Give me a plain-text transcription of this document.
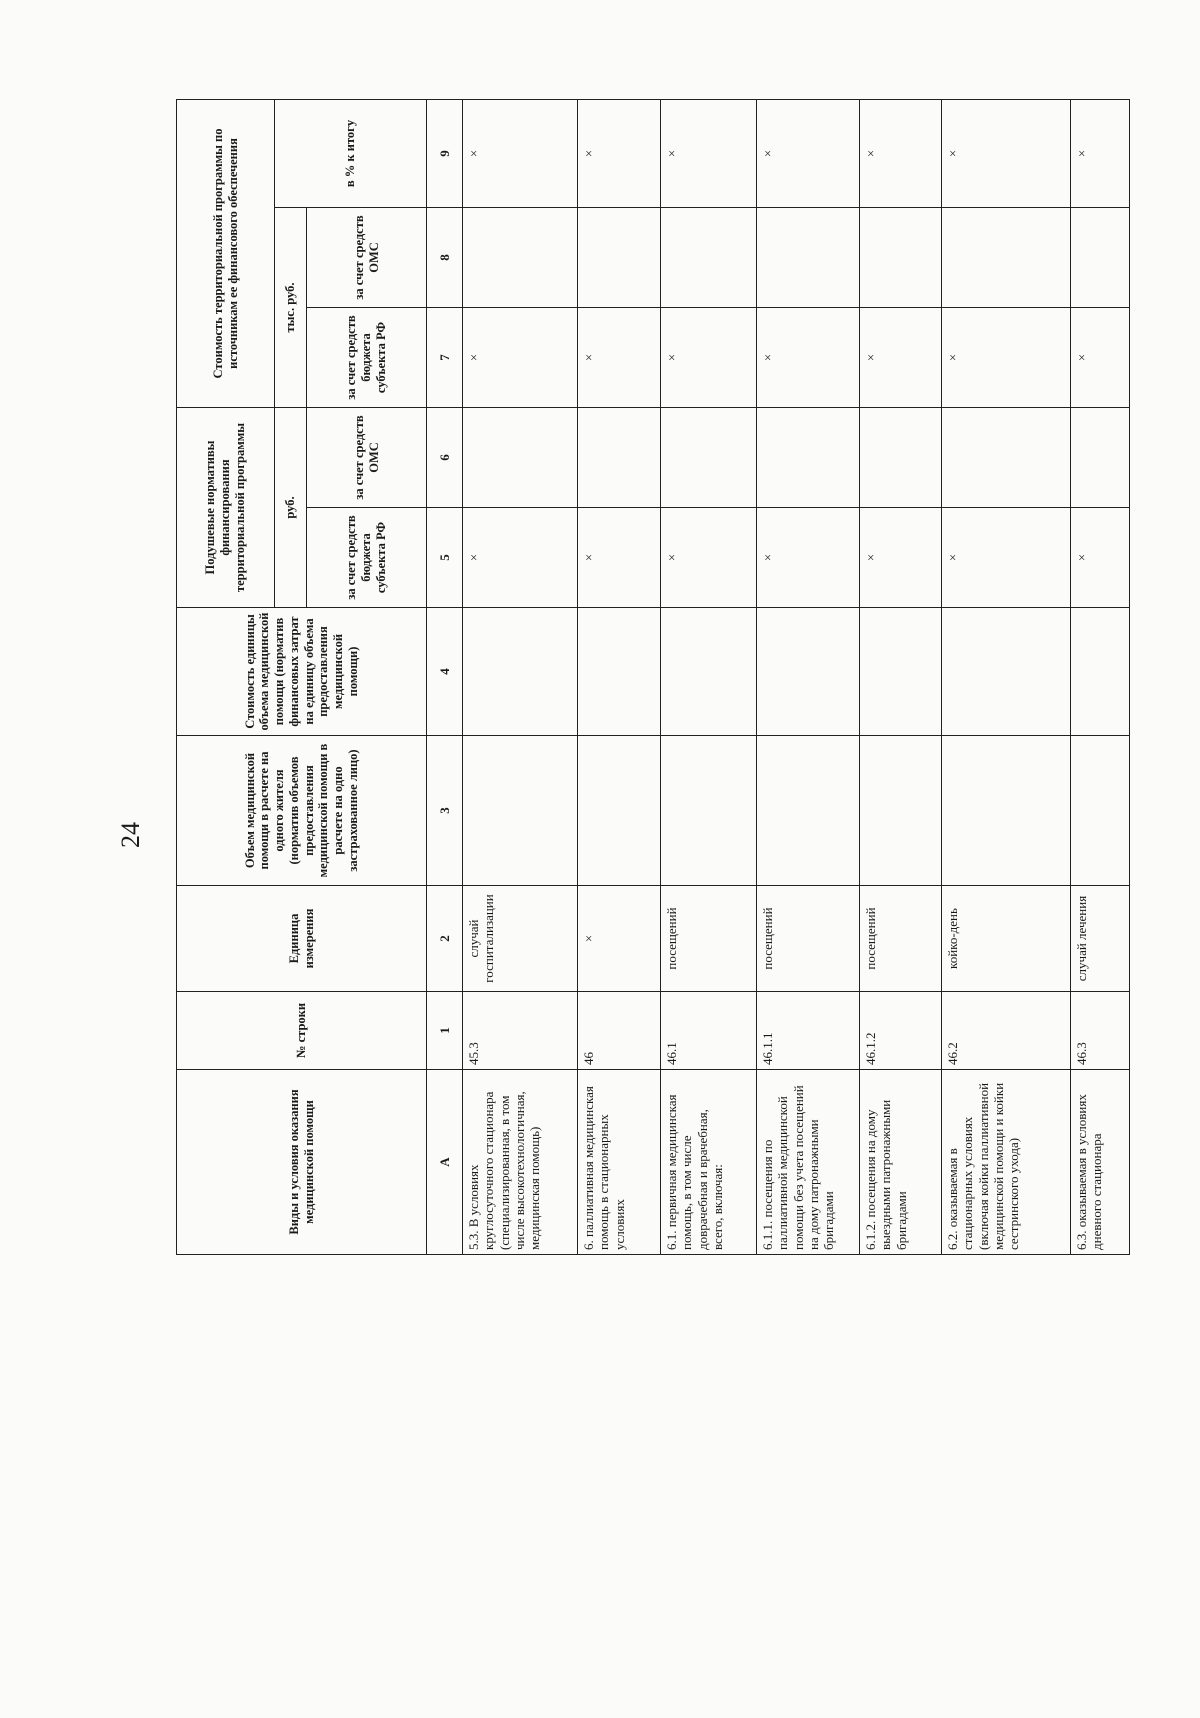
24
Виды и условия оказания медицинской помощи	№ строки	Единица измерения	Объем медицинской помощи в расчете на одного жителя (норматив объемов предоставления медицинской помощи в расчете на одно застрахованное лицо)	Стоимость единицы объема медицинской помощи (норматив финансовых затрат на единицу объема предоставления медицинской помощи)	Подушевые нормативы финансирования территориальной программы		Стоимость территориальной программы по источникам ее финансового обеспечения		
					руб.		тыс. руб.		в % к итогу
					за счет средств бюджета субъекта РФ	за счет средств ОМС	за счет средств бюджета субъекта РФ	за счет средств ОМС	
А	1	2	3	4	5	6	7	8	9
5.3. В условиях круглосуточного стационара (специализированная, в том числе высокотехнологичная, медицинская помощь)	45.3	случай госпитализации			×		×		×
6. паллиативная медицинская помощь в стационарных условиях	46	×			×		×		×
6.1. первичная медицинская помощь, в том числе доврачебная и врачебная, всего, включая:	46.1	посещений			×		×		×
6.1.1. посещения по паллиативной медицинской помощи без учета посещений на дому патронажными бригадами	46.1.1	посещений			×		×		×
6.1.2. посещения на дому выездными патронажными бригадами	46.1.2	посещений			×		×		×
6.2. оказываемая в стационарных условиях (включая койки паллиативной медицинской помощи и койки сестринского ухода)	46.2	койко-день			×		×		×
6.3. оказываемая в условиях дневного стационара	46.3	случай лечения			×		×		×
